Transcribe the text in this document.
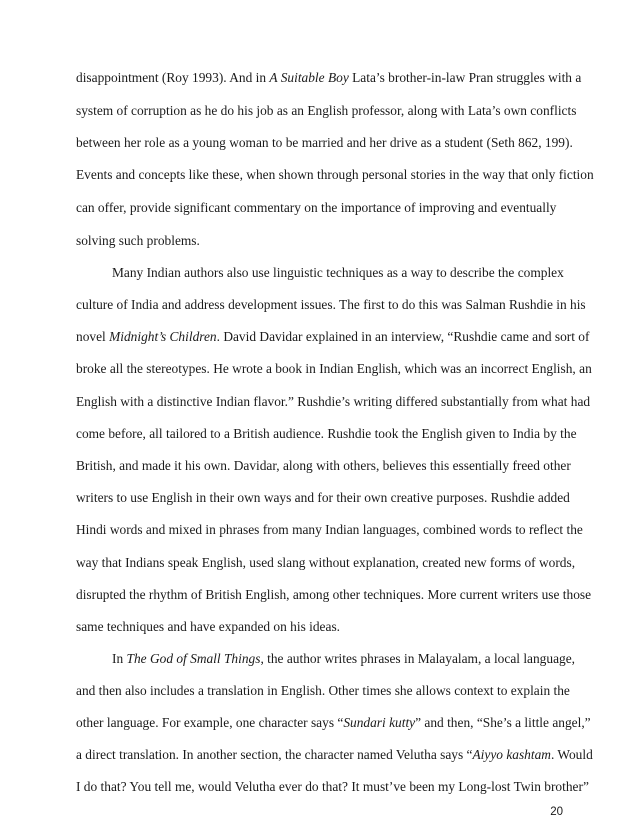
disappointment (Roy 1993). And in A Suitable Boy Lata’s brother-in-law Pran struggles with a
system of corruption as he do his job as an English professor, along with Lata’s own conflicts
between her role as a young woman to be married and her drive as a student (Seth 862, 199).
Events and concepts like these, when shown through personal stories in the way that only fiction
can offer, provide significant commentary on the importance of improving and eventually
solving such problems.
Many Indian authors also use linguistic techniques as a way to describe the complex
culture of India and address development issues. The first to do this was Salman Rushdie in his
novel Midnight’s Children. David Davidar explained in an interview, “Rushdie came and sort of
broke all the stereotypes. He wrote a book in Indian English, which was an incorrect English, an
English with a distinctive Indian flavor.” Rushdie’s writing differed substantially from what had
come before, all tailored to a British audience. Rushdie took the English given to India by the
British, and made it his own. Davidar, along with others, believes this essentially freed other
writers to use English in their own ways and for their own creative purposes. Rushdie added
Hindi words and mixed in phrases from many Indian languages, combined words to reflect the
way that Indians speak English, used slang without explanation, created new forms of words,
disrupted the rhythm of British English, among other techniques. More current writers use those
same techniques and have expanded on his ideas.
In The God of Small Things, the author writes phrases in Malayalam, a local language,
and then also includes a translation in English. Other times she allows context to explain the
other language. For example, one character says “Sundari kutty” and then, “She’s a little angel,”
a direct translation. In another section, the character named Velutha says “Aiyyo kashtam. Would
I do that? You tell me, would Velutha ever do that? It must’ve been my Long-lost Twin brother”
20
